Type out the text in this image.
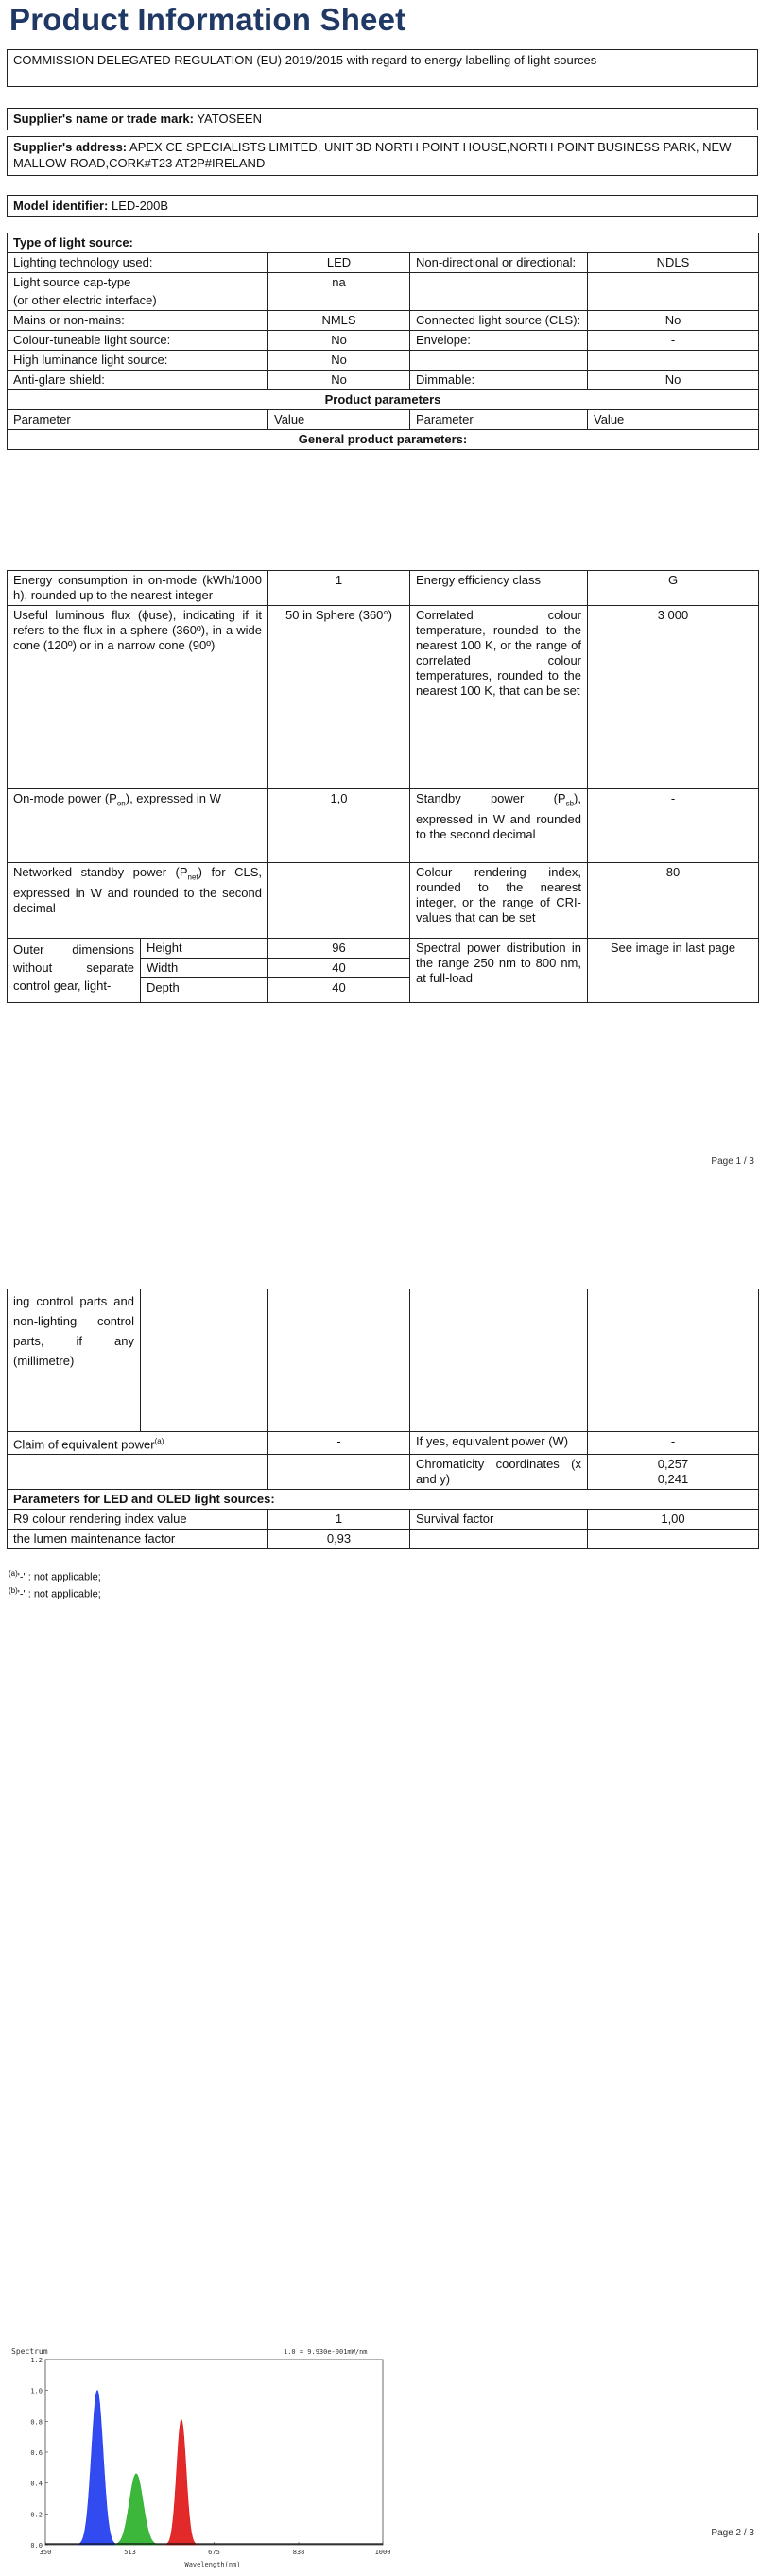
Product Information Sheet
COMMISSION DELEGATED REGULATION (EU) 2019/2015 with regard to energy labelling of light sources
Supplier's name or trade mark: YATOSEEN
Supplier's address: APEX CE SPECIALISTS LIMITED, UNIT 3D NORTH POINT HOUSE,NORTH POINT BUSINESS PARK, NEW MALLOW ROAD,CORK#T23 AT2P#IRELAND
Model identifier: LED-200B
Type of light source:			
Lighting technology used:	LED	Non-directional or directional:	NDLS

Light source cap-type
(or other electric interface)	na		
Mains or non-mains:	NMLS	Connected light source (CLS):	No
Colour-tuneable light source:	No	Envelope:	-
High luminance light source:	No		
Anti-glare shield:	No	Dimmable:	No
Product parameters			
Parameter	Value	Parameter	Value
General product parameters:			
Energy consumption in on-mode (kWh/1000 h), rounded up to the nearest integer		1	Energy efficiency class	G
Useful luminous flux (ϕuse), indicating if it refers to the flux in a sphere (360º), in a wide cone (120º) or in a narrow cone (90º)		50 in Sphere (360°)	Correlated colour temperature, rounded to the nearest 100 K, or the range of correlated colour temperatures, rounded to the nearest 100 K, that can be set	3 000
On-mode power $(P_{on})$, expressed in W		1,0	Standby power $(P_{sb})$, expressed in W and rounded to the second decimal	-
Networked standby power $(P_{net})$ for CLS, expressed in W and rounded to the second decimal		-	Colour rendering index, rounded to the nearest integer, or the range of CRI-values that can be set	80
Outer dimensions without separate control gear, light-	Height	96	Spectral power distribution in the range 250 nm to 800 nm, at full-load	See image in last page
	Width	40		
	Depth	40		
Page 1 / 3
ing control parts and non-lighting control parts, if any (millimetre)				
Claim of equivalent power$^{(a)}$		-	If yes, equivalent power (W)	-
			Chromaticity coordinates (x and y)	0,257
0,241

Parameters for LED and OLED light sources:				
R9 colour rendering index value		1	Survival factor	1,00
the lumen maintenance factor		0,93		
$^{(a)}$'-' : not applicable;
$^{(b)}$'-' : not applicable;
Page 2 / 3
Spectrum	1.0 = 9.930e-001mW/nm
Wavelength(nm)
0.0
0.2
0.4
0.6
0.8
1.0
1.2
350	513	675	838	1000
